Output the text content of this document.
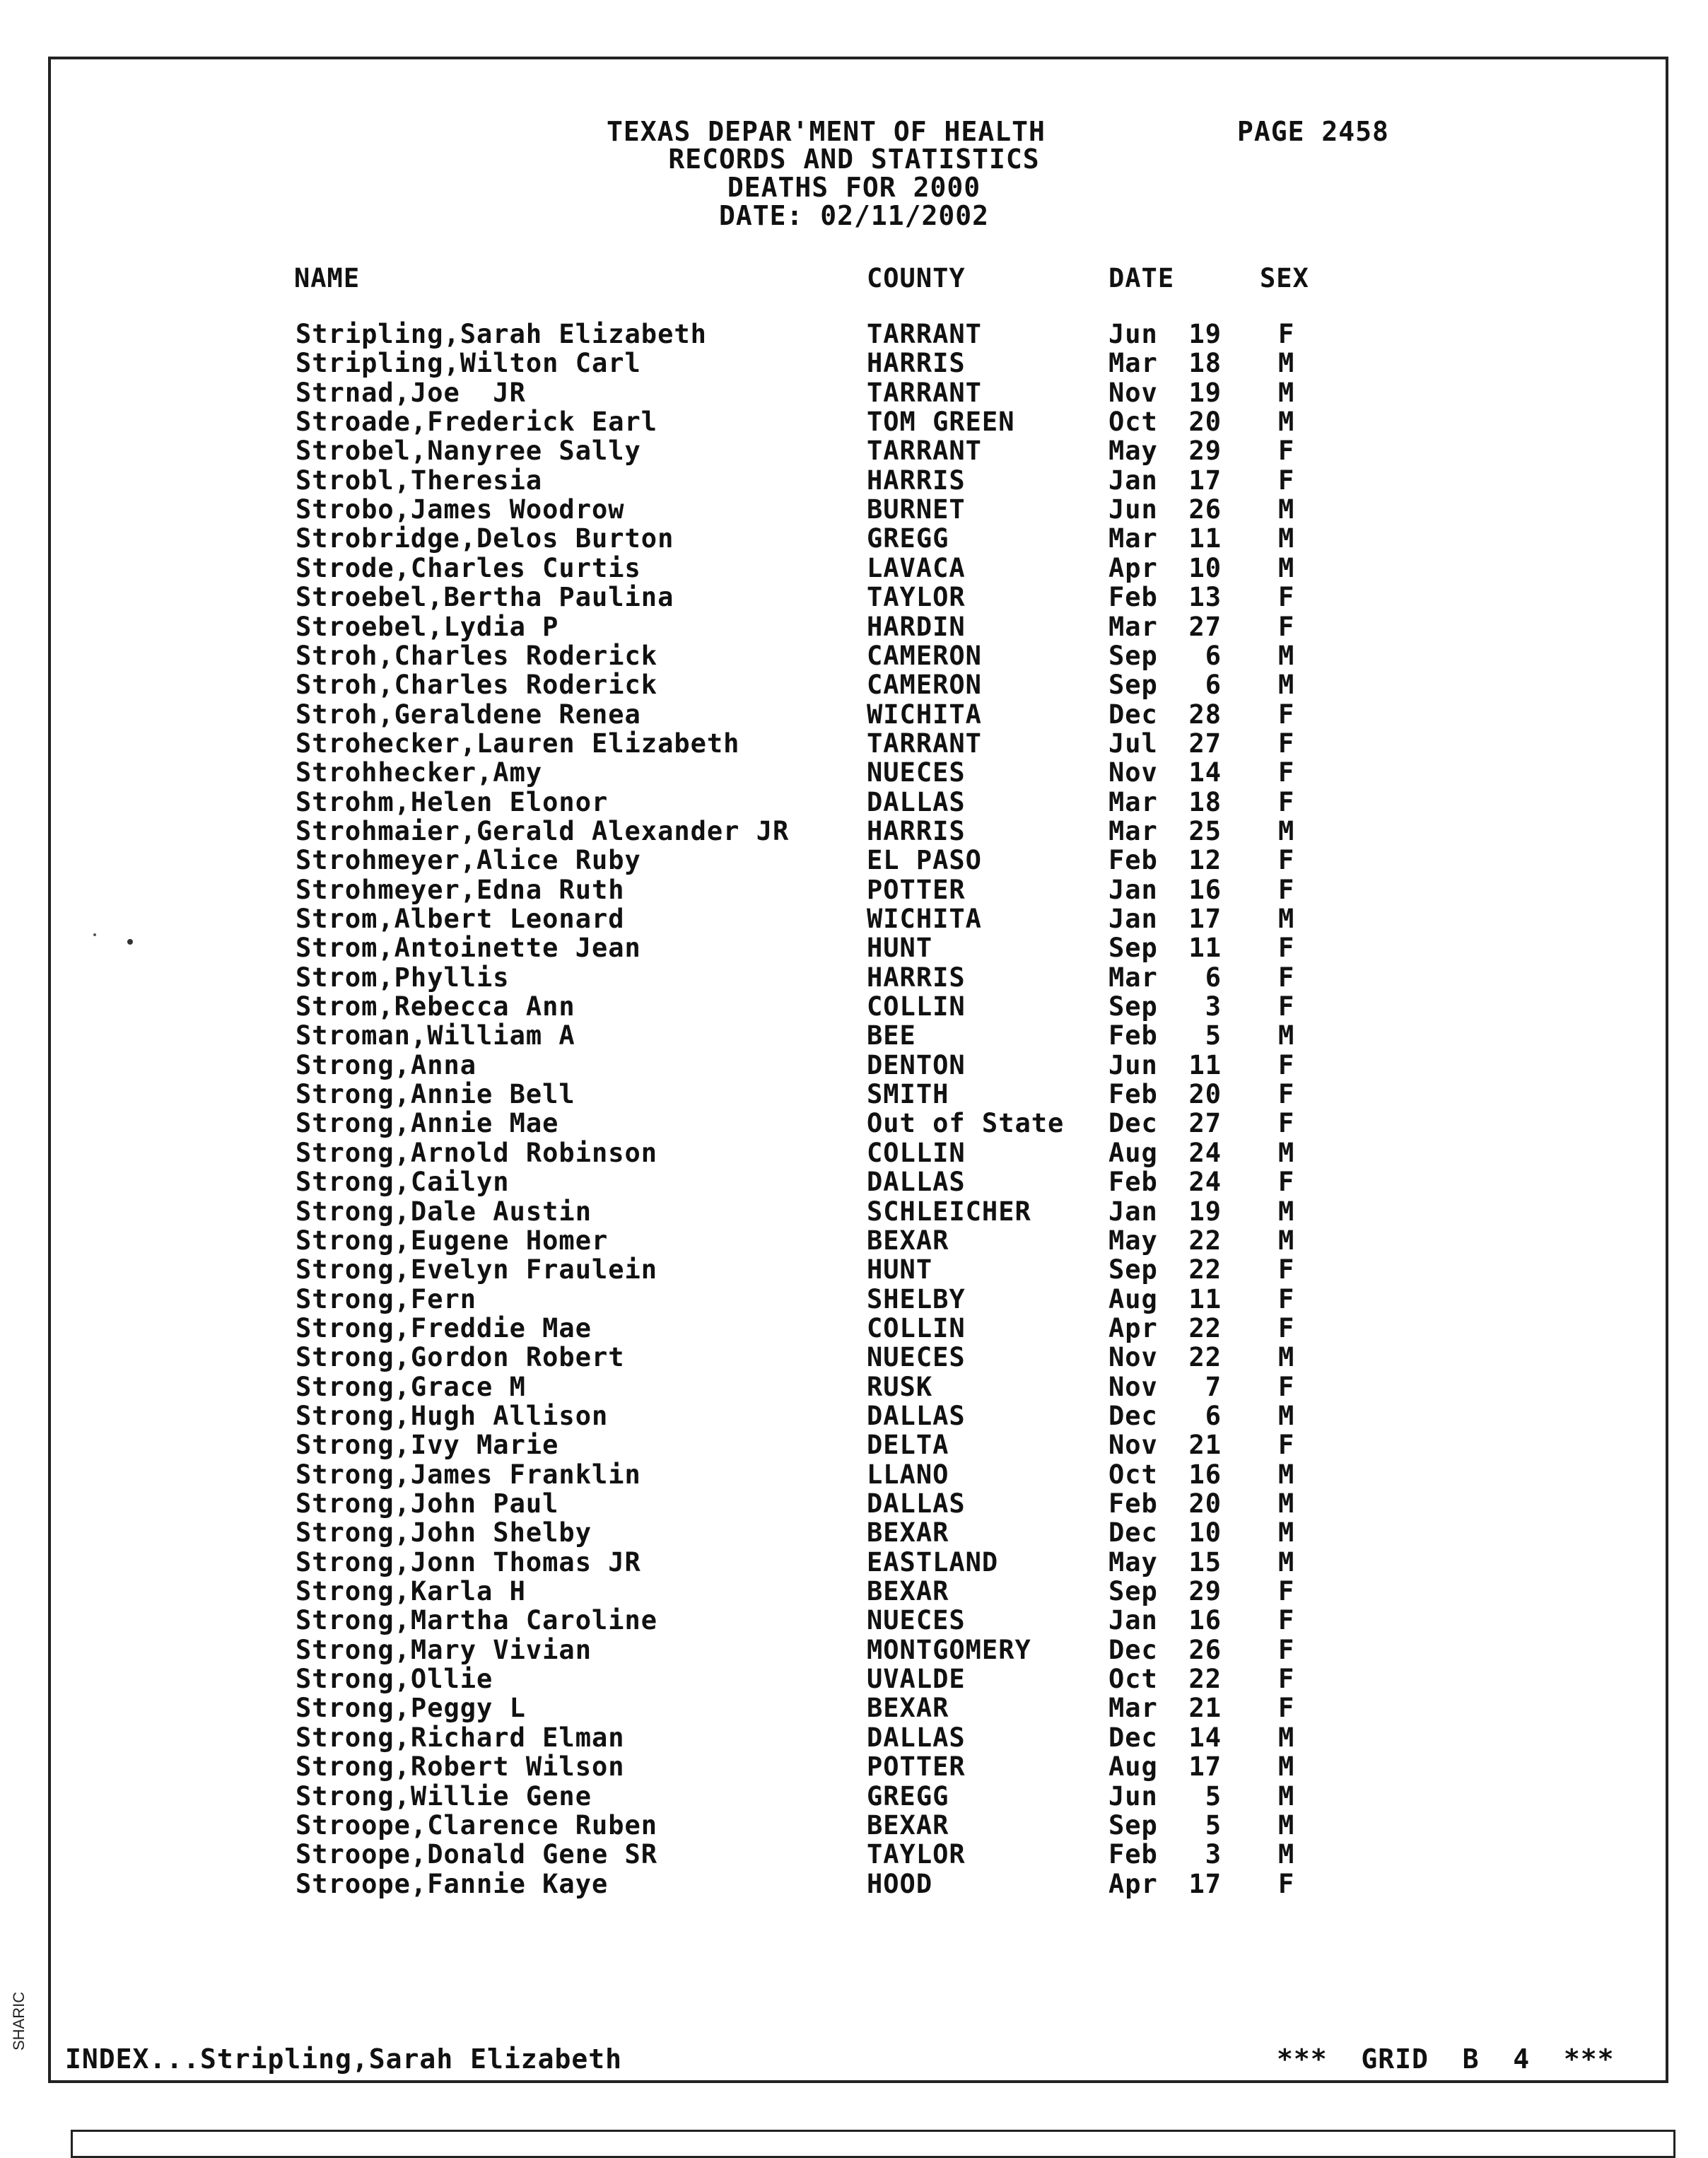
TEXAS DEPAR'MENT OF HEALTH	PAGE 2458
RECORDS AND STATISTICS
DEATHS FOR 2000
DATE: 02/11/2002
NAME	COUNTY	DATE	SEX
Stripling,Sarah Elizabeth	TARRANT	Jun 19 F
Stripling,Wilton Carl	HARRIS	Mar 18 M
Strnad,Joe  JR	TARRANT	Nov 19 M
Stroade,Frederick Earl	TOM GREEN	Oct 20 M
Strobel,Nanyree Sally	TARRANT	May 29 F
Strobl,Theresia	HARRIS	Jan 17 F
Strobo,James Woodrow	BURNET	Jun 26 M
Strobridge,Delos Burton	GREGG	Mar 11 M
Strode,Charles Curtis	LAVACA	Apr 10 M
Stroebel,Bertha Paulina	TAYLOR	Feb 13 F
Stroebel,Lydia P	HARDIN	Mar 27 F
Stroh,Charles Roderick	CAMERON	Sep 6 M
Stroh,Charles Roderick	CAMERON	Sep 6 M
Stroh,Geraldene Renea	WICHITA	Dec 28 F
Strohecker,Lauren Elizabeth	TARRANT	Jul 27 F
Strohhecker,Amy	NUECES	Nov 14 F
Strohm,Helen Elonor	DALLAS	Mar 18 F
Strohmaier,Gerald Alexander JR	HARRIS	Mar 25 M
Strohmeyer,Alice Ruby	EL PASO	Feb 12 F
Strohmeyer,Edna Ruth	POTTER	Jan 16 F
Strom,Albert Leonard	WICHITA	Jan 17 M
Strom,Antoinette Jean	HUNT	Sep 11 F
Strom,Phyllis	HARRIS	Mar 6 F
Strom,Rebecca Ann	COLLIN	Sep 3 F
Stroman,William A	BEE	Feb 5 M
Strong,Anna	DENTON	Jun 11 F
Strong,Annie Bell	SMITH	Feb 20 F
Strong,Annie Mae	Out of State Dec 27 F
Strong,Arnold Robinson	COLLIN	Aug 24 M
Strong,Cailyn	DALLAS	Feb 24 F
Strong,Dale Austin	SCHLEICHER	Jan 19 M
Strong,Eugene Homer	BEXAR	May 22 M
Strong,Evelyn Fraulein	HUNT	Sep 22 F
Strong,Fern	SHELBY	Aug 11 F
Strong,Freddie Mae	COLLIN	Apr 22 F
Strong,Gordon Robert	NUECES	Nov 22 M
Strong,Grace M	RUSK	Nov 7 F
Strong,Hugh Allison	DALLAS	Dec 6 M
Strong,Ivy Marie	DELTA	Nov 21 F
Strong,James Franklin	LLANO	Oct 16 M
Strong,John Paul	DALLAS	Feb 20 M
Strong,John Shelby	BEXAR	Dec 10 M
Strong,Jonn Thomas JR	EASTLAND	May 15 M
Strong,Karla H	BEXAR	Sep 29 F
Strong,Martha Caroline	NUECES	Jan 16 F
Strong,Mary Vivian	MONTGOMERY	Dec 26 F
Strong,Ollie	UVALDE	Oct 22 F
Strong,Peggy L	BEXAR	Mar 21 F
Strong,Richard Elman	DALLAS	Dec 14 M
Strong,Robert Wilson	POTTER	Aug 17 M
Strong,Willie Gene	GREGG	Jun 5 M
Stroope,Clarence Ruben	BEXAR	Sep 5 M
Stroope,Donald Gene SR	TAYLOR	Feb 3 M
Stroope,Fannie Kaye	HOOD	Apr 17 F
INDEX...Stripling,Sarah Elizabeth	***  GRID  B  4  ***
SHARIC
